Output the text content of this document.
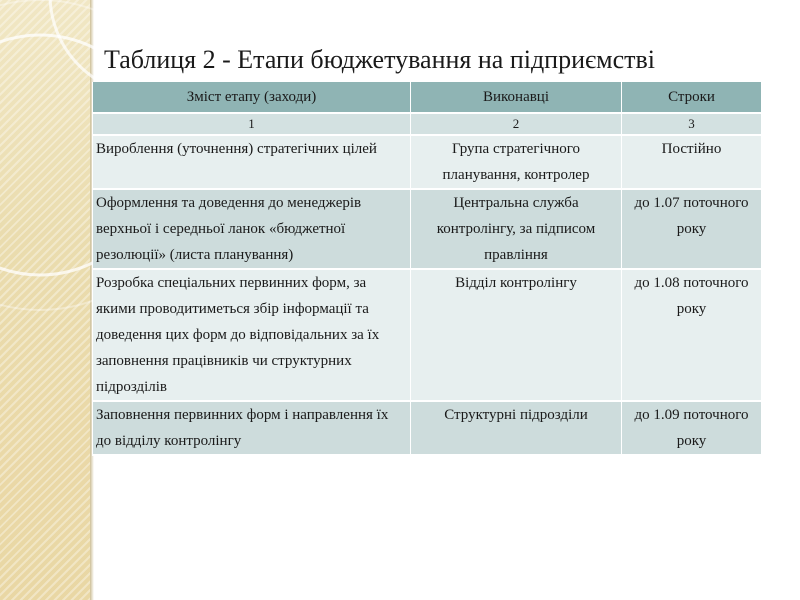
Таблиця 2 - Етапи бюджетування на підприємстві
Зміст етапу (заходи)	Виконавці	Строки
1	2	3
Вироблення (уточнення) стратегічних цілей	Група стратегічного планування, контролер	Постійно
Оформлення та доведення до менеджерів верхньої і середньої ланок «бюджетної резолюції» (листа планування)	Центральна служба контролінгу, за підписом правління	до 1.07 поточного року
Розробка спеціальних первинних форм, за якими проводитиметься збір інформації та доведення цих форм до відповідальних за їх заповнення працівників чи структурних підрозділів	Відділ контролінгу	до 1.08 поточного року
Заповнення первинних форм і направлення їх до відділу контролінгу	Структурні підрозділи	до 1.09 поточного року
